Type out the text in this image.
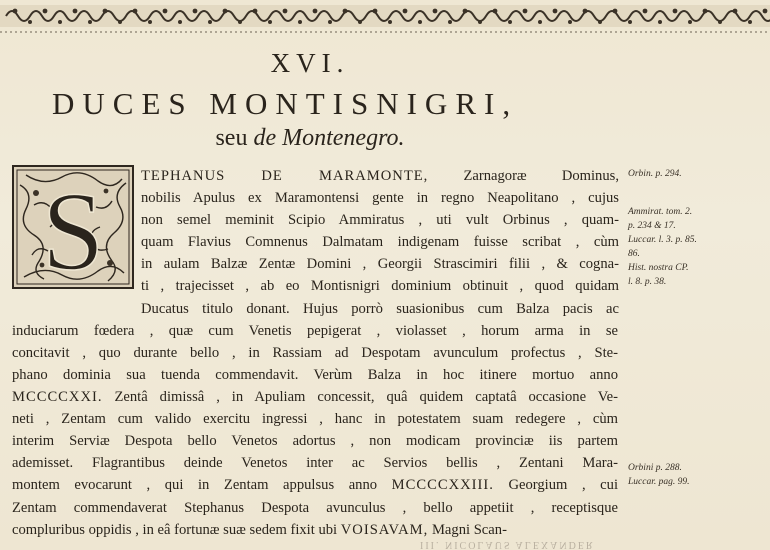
XVI.
DUCES MONTISNIGRI,
seu de Montenegro.
S	TEPHANUS DE MARAMONTE, Zarnagoræ Dominus,
nobilis Apulus ex Maramontensi gente in regno Neapolitano , cujus
non semel meminit Scipio Ammiratus , uti vult Orbinus , quam-
quam Flavius Comnenus Dalmatam indigenam fuisse scribat , cùm
in aulam Balzæ Zentæ Domini , Georgii Strascimiri filii , & cogna-
ti , trajecisset , ab eo Montisnigri dominium obtinuit , quod quidam
Ducatus titulo donant. Hujus porrò suasionibus cum Balza pacis ac
induciarum fœdera , quæ cum Venetis pepigerat , violasset , horum arma in se
concitavit , quo durante bello , in Rassiam ad Despotam avunculum profectus , Ste-
phano dominia sua tuenda commendavit. Verùm Balza in hoc itinere mortuo anno
MCCCCXXI. Zentâ dimissâ , in Apuliam concessit, quâ quidem captatâ occasione Ve-
neti , Zentam cum valido exercitu ingressi , hanc in potestatem suam redegere , cùm
interim Serviæ Despota bello Venetos adortus , non modicam provinciæ iis partem
ademisset. Flagrantibus deinde Venetos inter ac Servios bellis , Zentani Mara-
montem evocarunt , qui in Zentam appulsus anno MCCCCXXIII. Georgium , cui
Zentam commendaverat Stephanus Despota avunculus , bello appetiit , receptisque
compluribus oppidis , in eâ fortunæ suæ sedem fixit ubi VOISAVAM, Magni Scan-
Orbin. p. 294.
Ammirat. tom. 2.
p. 234 & 17.
Luccar. l. 3. p. 85.
86.
Hist. nostra CP.
l. 8. p. 38.
Orbini p. 288.
Luccar. pag. 99.
III. NICOLAUS ALEXANDER
